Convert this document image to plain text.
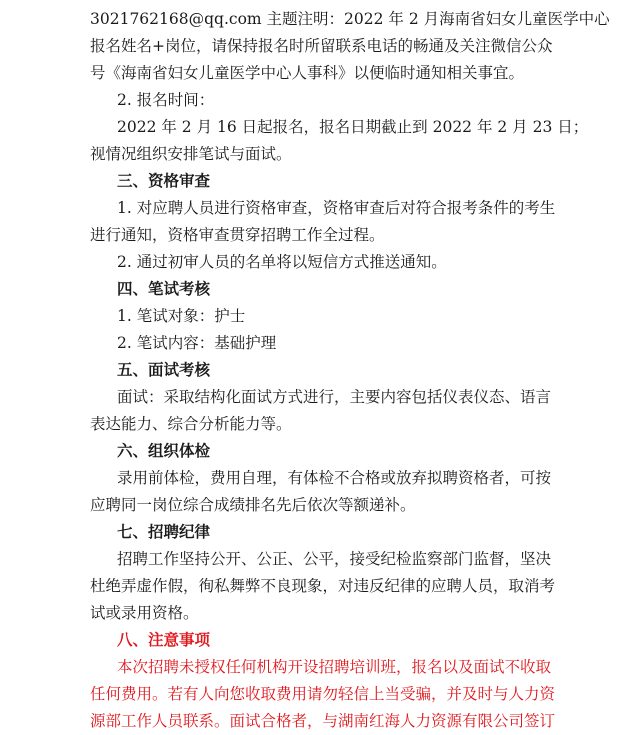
3021762168@qq.com 主题注明：2022 年 2 月海南省妇女儿童医学中心
报名姓名+岗位，请保持报名时所留联系电话的畅通及关注微信公众
号《海南省妇女儿童医学中心人事科》以便临时通知相关事宜。
2. 报名时间：
2022 年 2 月 16 日起报名，报名日期截止到 2022 年 2 月 23 日；
视情况组织安排笔试与面试。
三、资格审查
1. 对应聘人员进行资格审查，资格审查后对符合报考条件的考生
进行通知，资格审查贯穿招聘工作全过程。
2. 通过初审人员的名单将以短信方式推送通知。
四、笔试考核
1. 笔试对象：护士
2. 笔试内容：基础护理
五、面试考核
面试：采取结构化面试方式进行，主要内容包括仪表仪态、语言
表达能力、综合分析能力等。
六、组织体检
录用前体检，费用自理，有体检不合格或放弃拟聘资格者，可按
应聘同一岗位综合成绩排名先后依次等额递补。
七、招聘纪律
招聘工作坚持公开、公正、公平，接受纪检监察部门监督，坚决
杜绝弄虚作假，徇私舞弊不良现象，对违反纪律的应聘人员，取消考
试或录用资格。
八、注意事项
本次招聘未授权任何机构开设招聘培训班，报名以及面试不收取
任何费用。若有人向您收取费用请勿轻信上当受骗，并及时与人力资
源部工作人员联系。面试合格者，与湖南红海人力资源有限公司签订
